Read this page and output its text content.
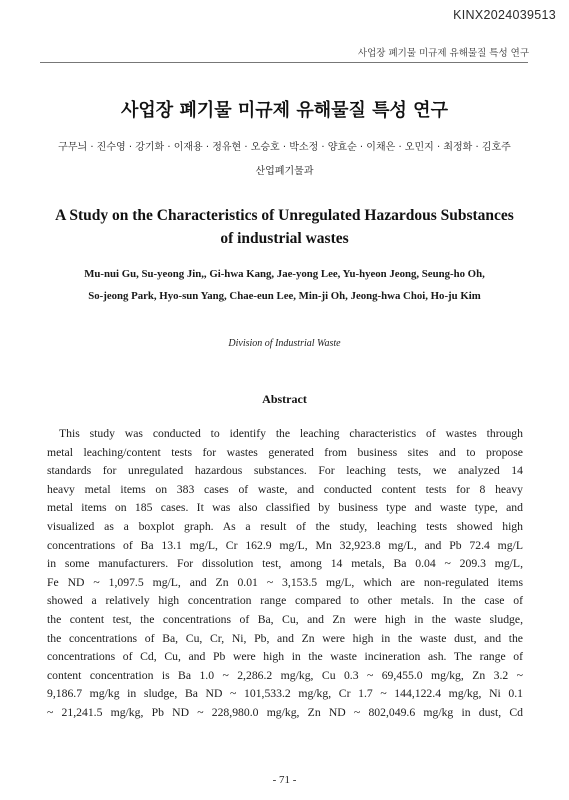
KINX2024039513
사업장 폐기물 미규제 유해물질 특성 연구
사업장 폐기물 미규제 유해물질 특성 연구
구무늬 · 진수영 · 강기화 · 이재용 · 정유현 · 오승호 · 박소정 · 양효순 · 이채은 · 오민지 · 최정화 · 김호주
산업폐기물과
A Study on the Characteristics of Unregulated Hazardous Substances
of industrial wastes
Mu-nui Gu, Su-yeong Jin,, Gi-hwa Kang, Jae-yong Lee, Yu-hyeon Jeong, Seung-ho Oh,
So-jeong Park, Hyo-sun Yang, Chae-eun Lee, Min-ji Oh, Jeong-hwa Choi, Ho-ju Kim
Division of Industrial Waste
Abstract
This study was conducted to identify the leaching characteristics of wastes through
metal leaching/content tests for wastes generated from business sites and to propose
standards for unregulated hazardous substances. For leaching tests, we analyzed 14
heavy metal items on 383 cases of waste, and conducted content tests for 8 heavy
metal items on 185 cases. It was also classified by business type and waste type, and
visualized as a boxplot graph. As a result of the study, leaching tests showed high
concentrations of Ba 13.1 mg/L, Cr 162.9 mg/L, Mn 32,923.8 mg/L, and Pb 72.4 mg/L
in some manufacturers. For dissolution test, among 14 metals, Ba 0.04 ~ 209.3 mg/L,
Fe ND ~ 1,097.5 mg/L, and Zn 0.01 ~ 3,153.5 mg/L, which are non-regulated items
showed a relatively high concentration range compared to other metals. In the case of
the content test, the concentrations of Ba, Cu, and Zn were high in the waste sludge,
the concentrations of Ba, Cu, Cr, Ni, Pb, and Zn were high in the waste dust, and the
concentrations of Cd, Cu, and Pb were high in the waste incineration ash. The range of
content concentration is Ba 1.0 ~ 2,286.2 mg/kg, Cu 0.3 ~ 69,455.0 mg/kg, Zn 3.2 ~
9,186.7 mg/kg in sludge, Ba ND ~ 101,533.2 mg/kg, Cr 1.7 ~ 144,122.4 mg/kg, Ni 0.1
~ 21,241.5 mg/kg, Pb ND ~ 228,980.0 mg/kg, Zn ND ~ 802,049.6 mg/kg in dust, Cd
- 71 -
